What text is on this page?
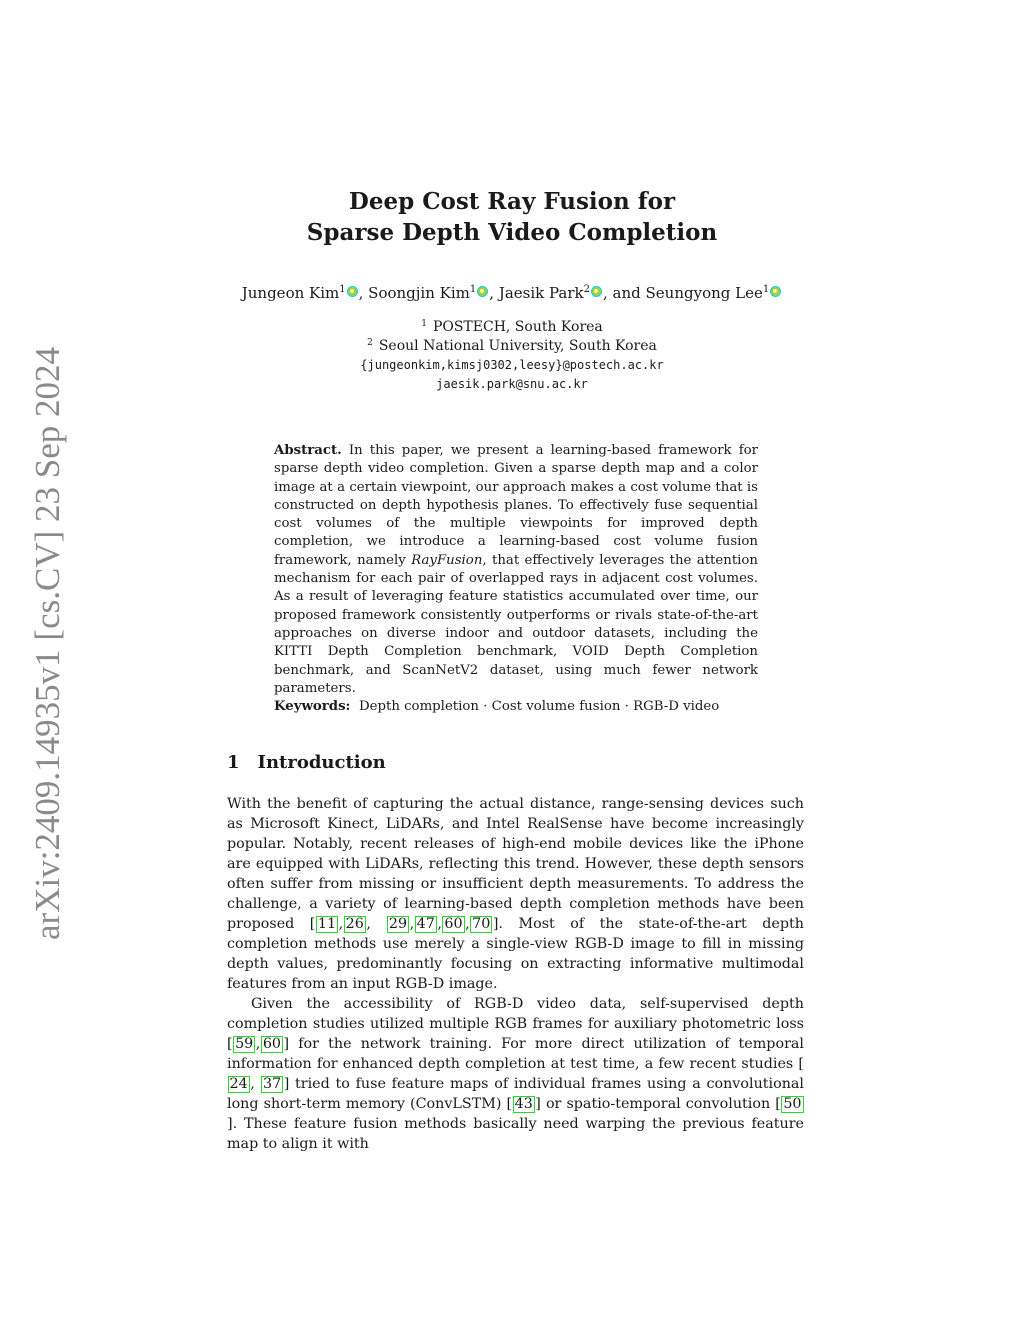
arXiv:2409.14935v1 [cs.CV] 23 Sep 2024
Deep Cost Ray Fusion for
Sparse Depth Video Completion
Jungeon Kim$^1$ , Soongjin Kim$^1$ , Jaesik Park$^2$ , and Seungyong Lee$^1$
$^1$ POSTECH, South Korea
$^2$ Seoul National University, South Korea
{jungeonkim,kimsj0302,leesy}@postech.ac.kr
jaesik.park@snu.ac.kr

Abstract. In this paper, we present a learning-based framework for sparse depth video completion. Given a sparse depth map and a color image at a certain viewpoint, our approach makes a cost volume that is constructed on depth hypothesis planes. To effectively fuse sequential cost volumes of the multiple viewpoints for improved depth completion, we introduce a learning-based cost volume fusion framework, namely RayFusion, that effectively leverages the attention mechanism for each pair of overlapped rays in adjacent cost volumes. As a result of leveraging feature statistics accumulated over time, our proposed framework consistently outperforms or rivals state-of-the-art approaches on diverse indoor and outdoor datasets, including the KITTI Depth Completion benchmark, VOID Depth Completion benchmark, and ScanNetV2 dataset, using much fewer network parameters.

Keywords: Depth completion · Cost volume fusion · RGB-D video
1 Introduction

With the benefit of capturing the actual distance, range-sensing devices such as Microsoft Kinect, LiDARs, and Intel RealSense have become increasingly popular. Notably, recent releases of high-end mobile devices like the iPhone are equipped with LiDARs, reflecting this trend. However, these depth sensors often suffer from missing or insufficient depth measurements. To address the challenge, a variety of learning-based depth completion methods have been proposed [ 11 , 26 , 29 , 47 , 60 , 70 ]. Most of the state-of-the-art depth completion methods use merely a single-view RGB-D image to fill in missing depth values, predominantly focusing on extracting informative multimodal features from an input RGB-D image.

Given the accessibility of RGB-D video data, self-supervised depth completion studies utilized multiple RGB frames for auxiliary photometric loss [ 59 , 60 ] for the network training. For more direct utilization of temporal information for enhanced depth completion at test time, a few recent studies [24 , 37 ] tried to fuse feature maps of individual frames using a convolutional long short-term memory (ConvLSTM) [ 43 ] or spatio-temporal convolution [ 50]. These feature fusion methods basically need warping the previous feature map to align it with
